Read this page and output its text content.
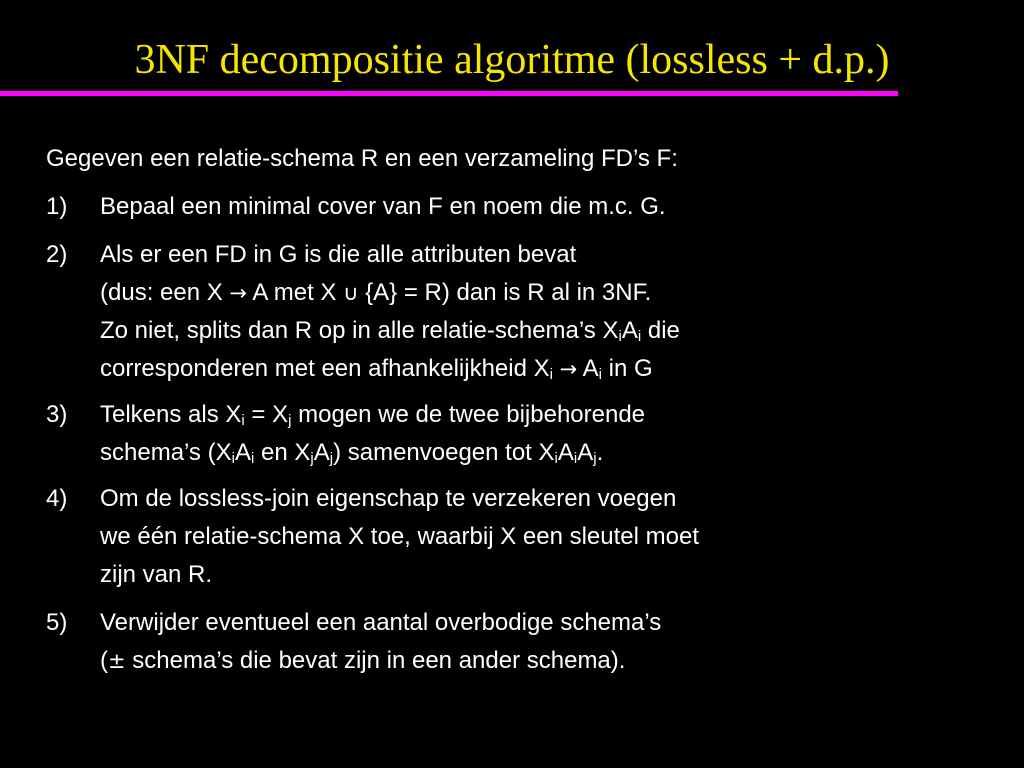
3NF decompositie algoritme (lossless + d.p.)
Gegeven een relatie-schema R en een verzameling FD’s F:
1)	Bepaal een minimal cover van F en noem die m.c. G.
2)	Als er een FD in G is die alle attributen bevat
(dus: een X → A met X ∪ {A} = R) dan is R al in 3NF.
Zo niet, splits dan R op in alle relatie-schema’s $X_iA_i$ die
corresponderen met een afhankelijkheid $X_i \to A_i$ in G
3)	Telkens als $X_i = X_j$ mogen we de twee bijbehorende
schema’s ($X_iA_i$ en $X_jA_j$) samenvoegen tot $X_iA_iA_j$.
4)	Om de lossless-join eigenschap te verzekeren voegen
we één relatie-schema X toe, waarbij X een sleutel moet
zijn van R.
5)	Verwijder eventueel een aantal overbodige schema’s
(± schema’s die bevat zijn in een ander schema).
